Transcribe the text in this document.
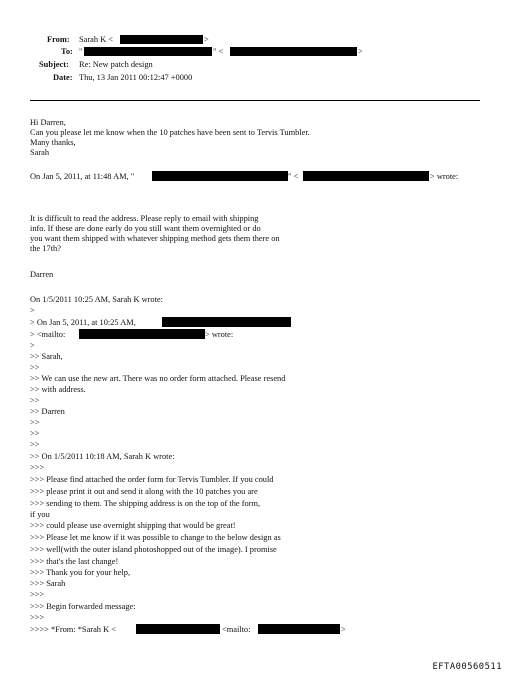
From: Sarah K <	>
To: "	" <	>
Subject: Re: New patch design
Date: Thu, 13 Jan 2011 00:12:47 +0000
Hi Darren,
Can you please let me know when the 10 patches have been sent to Tervis Tumbler.
Many thanks,
Sarah
On Jan 5, 2011, at 11:48 AM, "	" <	> wrote:
It is difficult to read the address. Please reply to email with shipping
info. If these are done early do you still want them overnighted or do
you want them shipped with whatever shipping method gets them there on
the 17th?
Darren
On 1/5/2011 10:25 AM, Sarah K wrote:
>
> On Jan 5, 2011, at 10:25 AM,
> <mailto:	> wrote:
>
>> Sarah,
>>
>> We can use the new art. There was no order form attached. Please resend
>> with address.
>>
>> Darren
>>
>>
>>
>> On 1/5/2011 10:18 AM, Sarah K wrote:
>>>
>>> Please find attached the order form for Tervis Tumbler. If you could
>>> please print it out and send it along with the 10 patches you are
>>> sending to them. The shipping address is on the top of the form,
if you
>>> could please use overnight shipping that would be great!
>>> Please let me know if it was possible to change to the below design as
>>> well(with the outer island photoshopped out of the image). I promise
>>> that's the last change!
>>> Thank you for your help,
>>> Sarah
>>>
>>> Begin forwarded message:
>>>
>>>> *From: *Sarah K <	<mailto:	>
EFTA00560511
